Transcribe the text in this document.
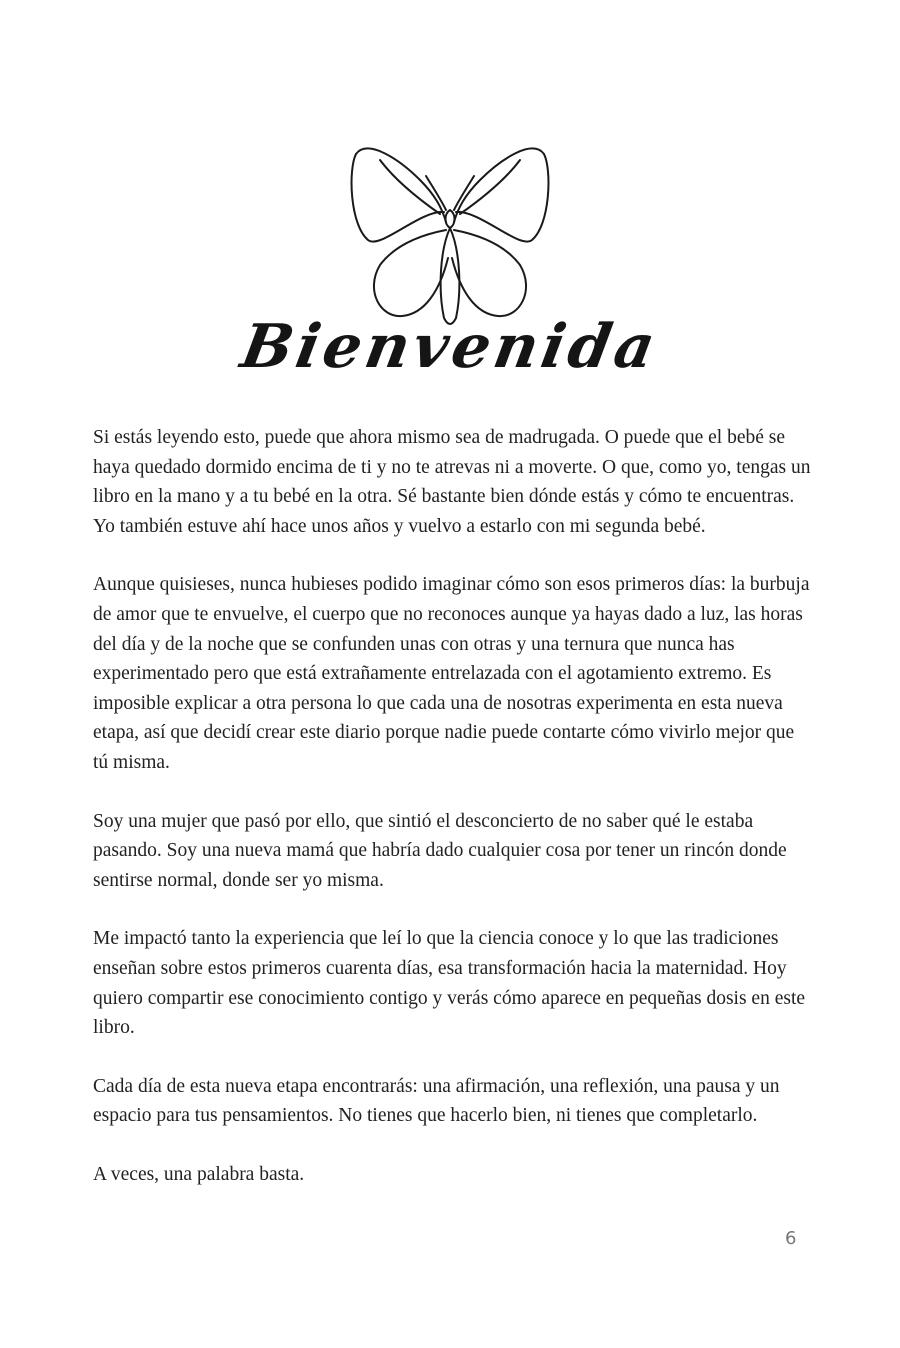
Bienvenida

Si estás leyendo esto, puede que ahora mismo sea de madrugada. O puede que el bebé se haya quedado dormido encima de ti y no te atrevas ni a moverte. O que, como yo, tengas un libro en la mano y a tu bebé en la otra. Sé bastante bien dónde estás y cómo te encuentras. Yo también estuve ahí hace unos años y vuelvo a estarlo con mi segunda bebé.

Aunque quisieses, nunca hubieses podido imaginar cómo son esos primeros días: la burbuja de amor que te envuelve, el cuerpo que no reconoces aunque ya hayas dado a luz, las horas del día y de la noche que se confunden unas con otras y una ternura que nunca has experimentado pero que está extrañamente entrelazada con el agotamiento extremo. Es imposible explicar a otra persona lo que cada una de nosotras experimenta en esta nueva etapa, así que decidí crear este diario porque nadie puede contarte cómo vivirlo mejor que tú misma.

Soy una mujer que pasó por ello, que sintió el desconcierto de no saber qué le estaba pasando. Soy una nueva mamá que habría dado cualquier cosa por tener un rincón donde sentirse normal, donde ser yo misma.

Me impactó tanto la experiencia que leí lo que la ciencia conoce y lo que las tradiciones enseñan sobre estos primeros cuarenta días, esa transformación hacia la maternidad. Hoy quiero compartir ese conocimiento contigo y verás cómo aparece en pequeñas dosis en este libro.

Cada día de esta nueva etapa encontrarás: una afirmación, una reflexión, una pausa y un espacio para tus pensamientos. No tienes que hacerlo bien, ni tienes que completarlo.

A veces, una palabra basta.

6
